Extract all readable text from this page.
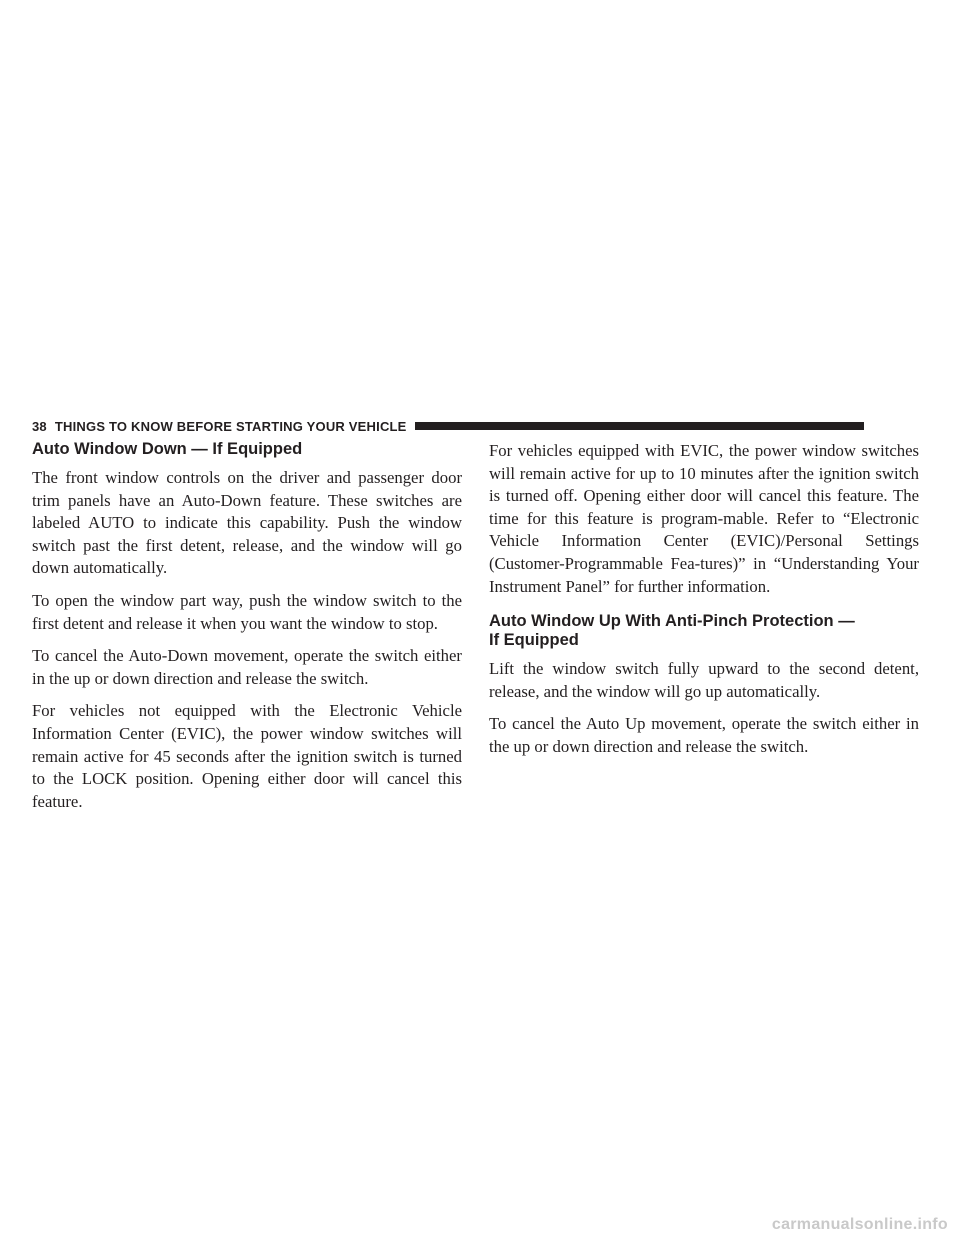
38 THINGS TO KNOW BEFORE STARTING YOUR VEHICLE
Auto Window Down — If Equipped

The front window controls on the driver and passenger door trim panels have an Auto-Down feature. These switches are labeled AUTO to indicate this capability. Push the window switch past the first detent, release, and the window will go down automatically.

To open the window part way, push the window switch to the first detent and release it when you want the window to stop.

To cancel the Auto-Down movement, operate the switch either in the up or down direction and release the switch.

For vehicles not equipped with the Electronic Vehicle Information Center (EVIC), the power window switches will remain active for 45 seconds after the ignition switch is turned to the LOCK position. Opening either door will cancel this feature.

For vehicles equipped with EVIC, the power window switches will remain active for up to 10 minutes after the ignition switch is turned off. Opening either door will cancel this feature. The time for this feature is program-mable. Refer to “Electronic Vehicle Information Center (EVIC)/Personal Settings (Customer-Programmable Fea-tures)” in “Understanding Your Instrument Panel” for further information.

Auto Window Up With Anti-Pinch Protection —
If Equipped

Lift the window switch fully upward to the second detent, release, and the window will go up automatically.

To cancel the Auto Up movement, operate the switch either in the up or down direction and release the switch.

carmanualsonline.info
